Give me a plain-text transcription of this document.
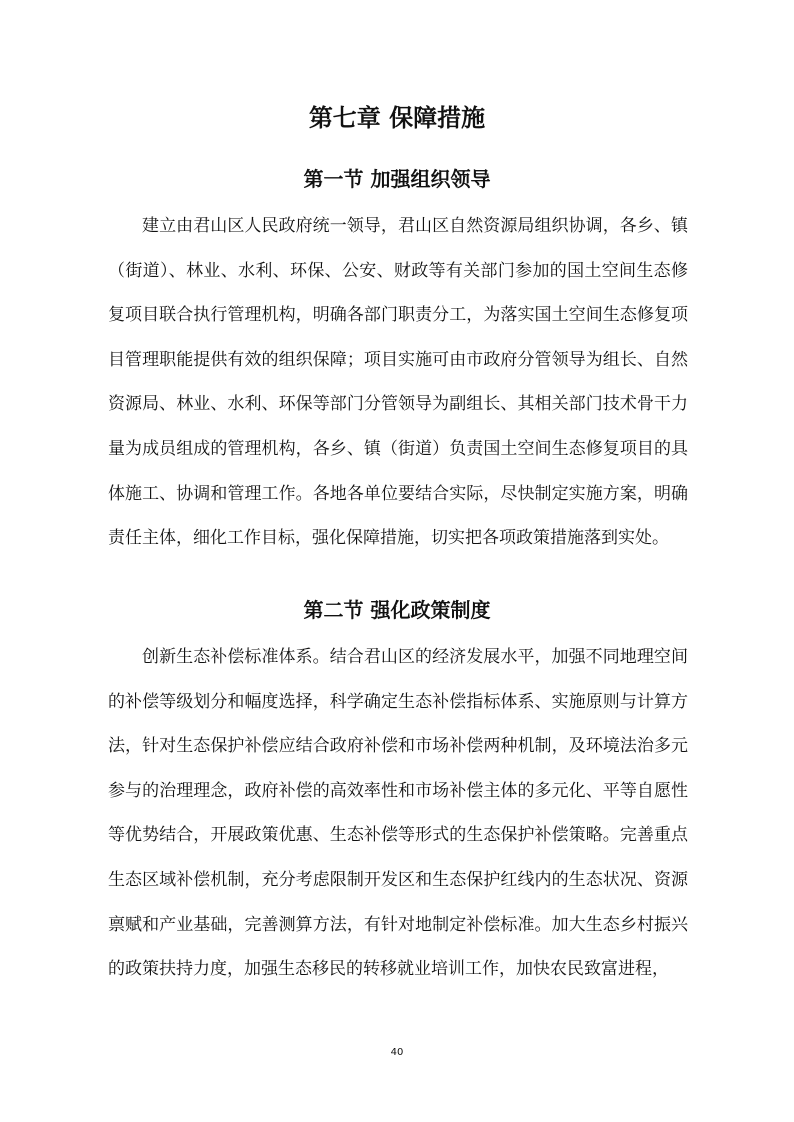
第七章 保障措施
第一节 加强组织领导

建立由君山区人民政府统一领导，君山区自然资源局组织协调，各乡、镇（街道）、林业、水利、环保、公安、财政等有关部门参加的国土空间生态修复项目联合执行管理机构，明确各部门职责分工，为落实国土空间生态修复项目管理职能提供有效的组织保障；项目实施可由市政府分管领导为组长、自然资源局、林业、水利、环保等部门分管领导为副组长、其相关部门技术骨干力量为成员组成的管理机构，各乡、镇（街道）负责国土空间生态修复项目的具体施工、协调和管理工作。各地各单位要结合实际，尽快制定实施方案，明确责任主体，细化工作目标，强化保障措施，切实把各项政策措施落到实处。

第二节 强化政策制度

创新生态补偿标准体系。结合君山区的经济发展水平，加强不同地理空间的补偿等级划分和幅度选择，科学确定生态补偿指标体系、实施原则与计算方法，针对生态保护补偿应结合政府补偿和市场补偿两种机制，及环境法治多元参与的治理理念，政府补偿的高效率性和市场补偿主体的多元化、平等自愿性等优势结合，开展政策优惠、生态补偿等形式的生态保护补偿策略。完善重点生态区域补偿机制，充分考虑限制开发区和生态保护红线内的生态状况、资源禀赋和产业基础，完善测算方法，有针对地制定补偿标准。加大生态乡村振兴的政策扶持力度，加强生态移民的转移就业培训工作，加快农民致富进程，

40
